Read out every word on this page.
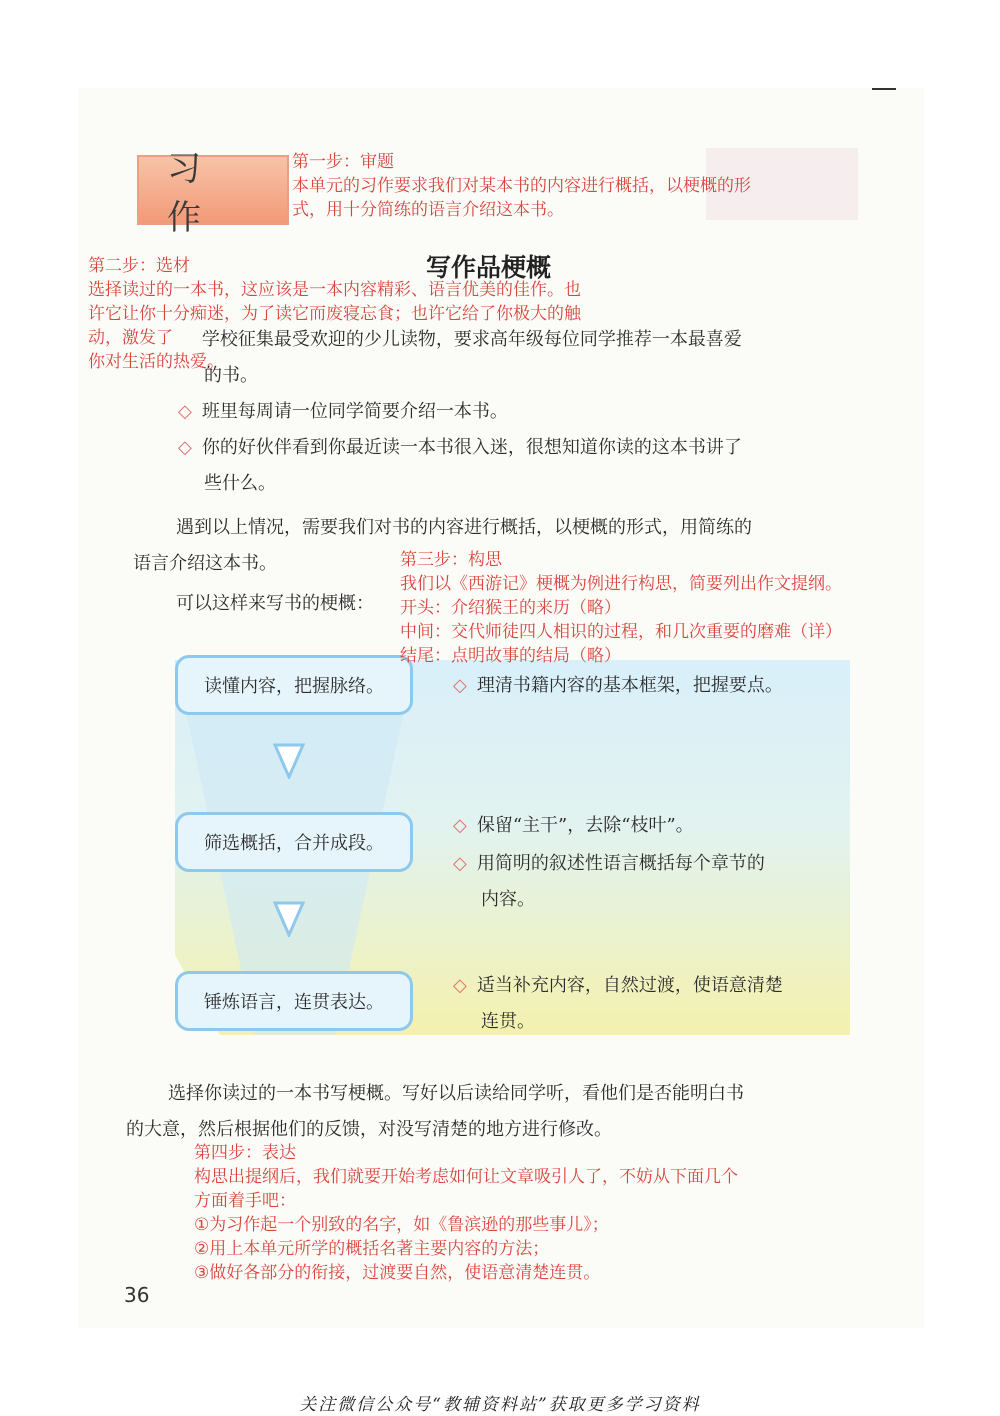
习作
第一步：审题
本单元的习作要求我们对某本书的内容进行概括，以梗概的形
式，用十分简练的语言介绍这本书。
写作品梗概
第二步：选材
选择读过的一本书，这应该是一本内容精彩、语言优美的佳作。也
许它让你十分痴迷，为了读它而废寝忘食；也许它给了你极大的触
动，激发了
你对生活的热爱。
学校征集最受欢迎的少儿读物，要求高年级每位同学推荐一本最喜爱
的书。
◇ 班里每周请一位同学简要介绍一本书。
◇ 你的好伙伴看到你最近读一本书很入迷，很想知道你读的这本书讲了
些什么。
遇到以上情况，需要我们对书的内容进行概括，以梗概的形式，用简练的
语言介绍这本书。
可以这样来写书的梗概：
读懂内容，把握脉络。
筛选概括，合并成段。
锤炼语言，连贯表达。
◇ 理清书籍内容的基本框架，把握要点。
◇ 保留“主干”，去除“枝叶”。
◇ 用简明的叙述性语言概括每个章节的
内容。
◇ 适当补充内容，自然过渡，使语意清楚
连贯。
第三步：构思
我们以《西游记》梗概为例进行构思，简要列出作文提纲。
开头：介绍猴王的来历（略）
中间：交代师徒四人相识的过程，和几次重要的磨难（详）
结尾：点明故事的结局（略）
选择你读过的一本书写梗概。写好以后读给同学听，看他们是否能明白书
的大意，然后根据他们的反馈，对没写清楚的地方进行修改。
第四步：表达
构思出提纲后，我们就要开始考虑如何让文章吸引人了，不妨从下面几个
方面着手吧：
①为习作起一个别致的名字，如《鲁滨逊的那些事儿》；
②用上本单元所学的概括名著主要内容的方法；
③做好各部分的衔接，过渡要自然，使语意清楚连贯。
36
关注微信公众号“教辅资料站”获取更多学习资料
